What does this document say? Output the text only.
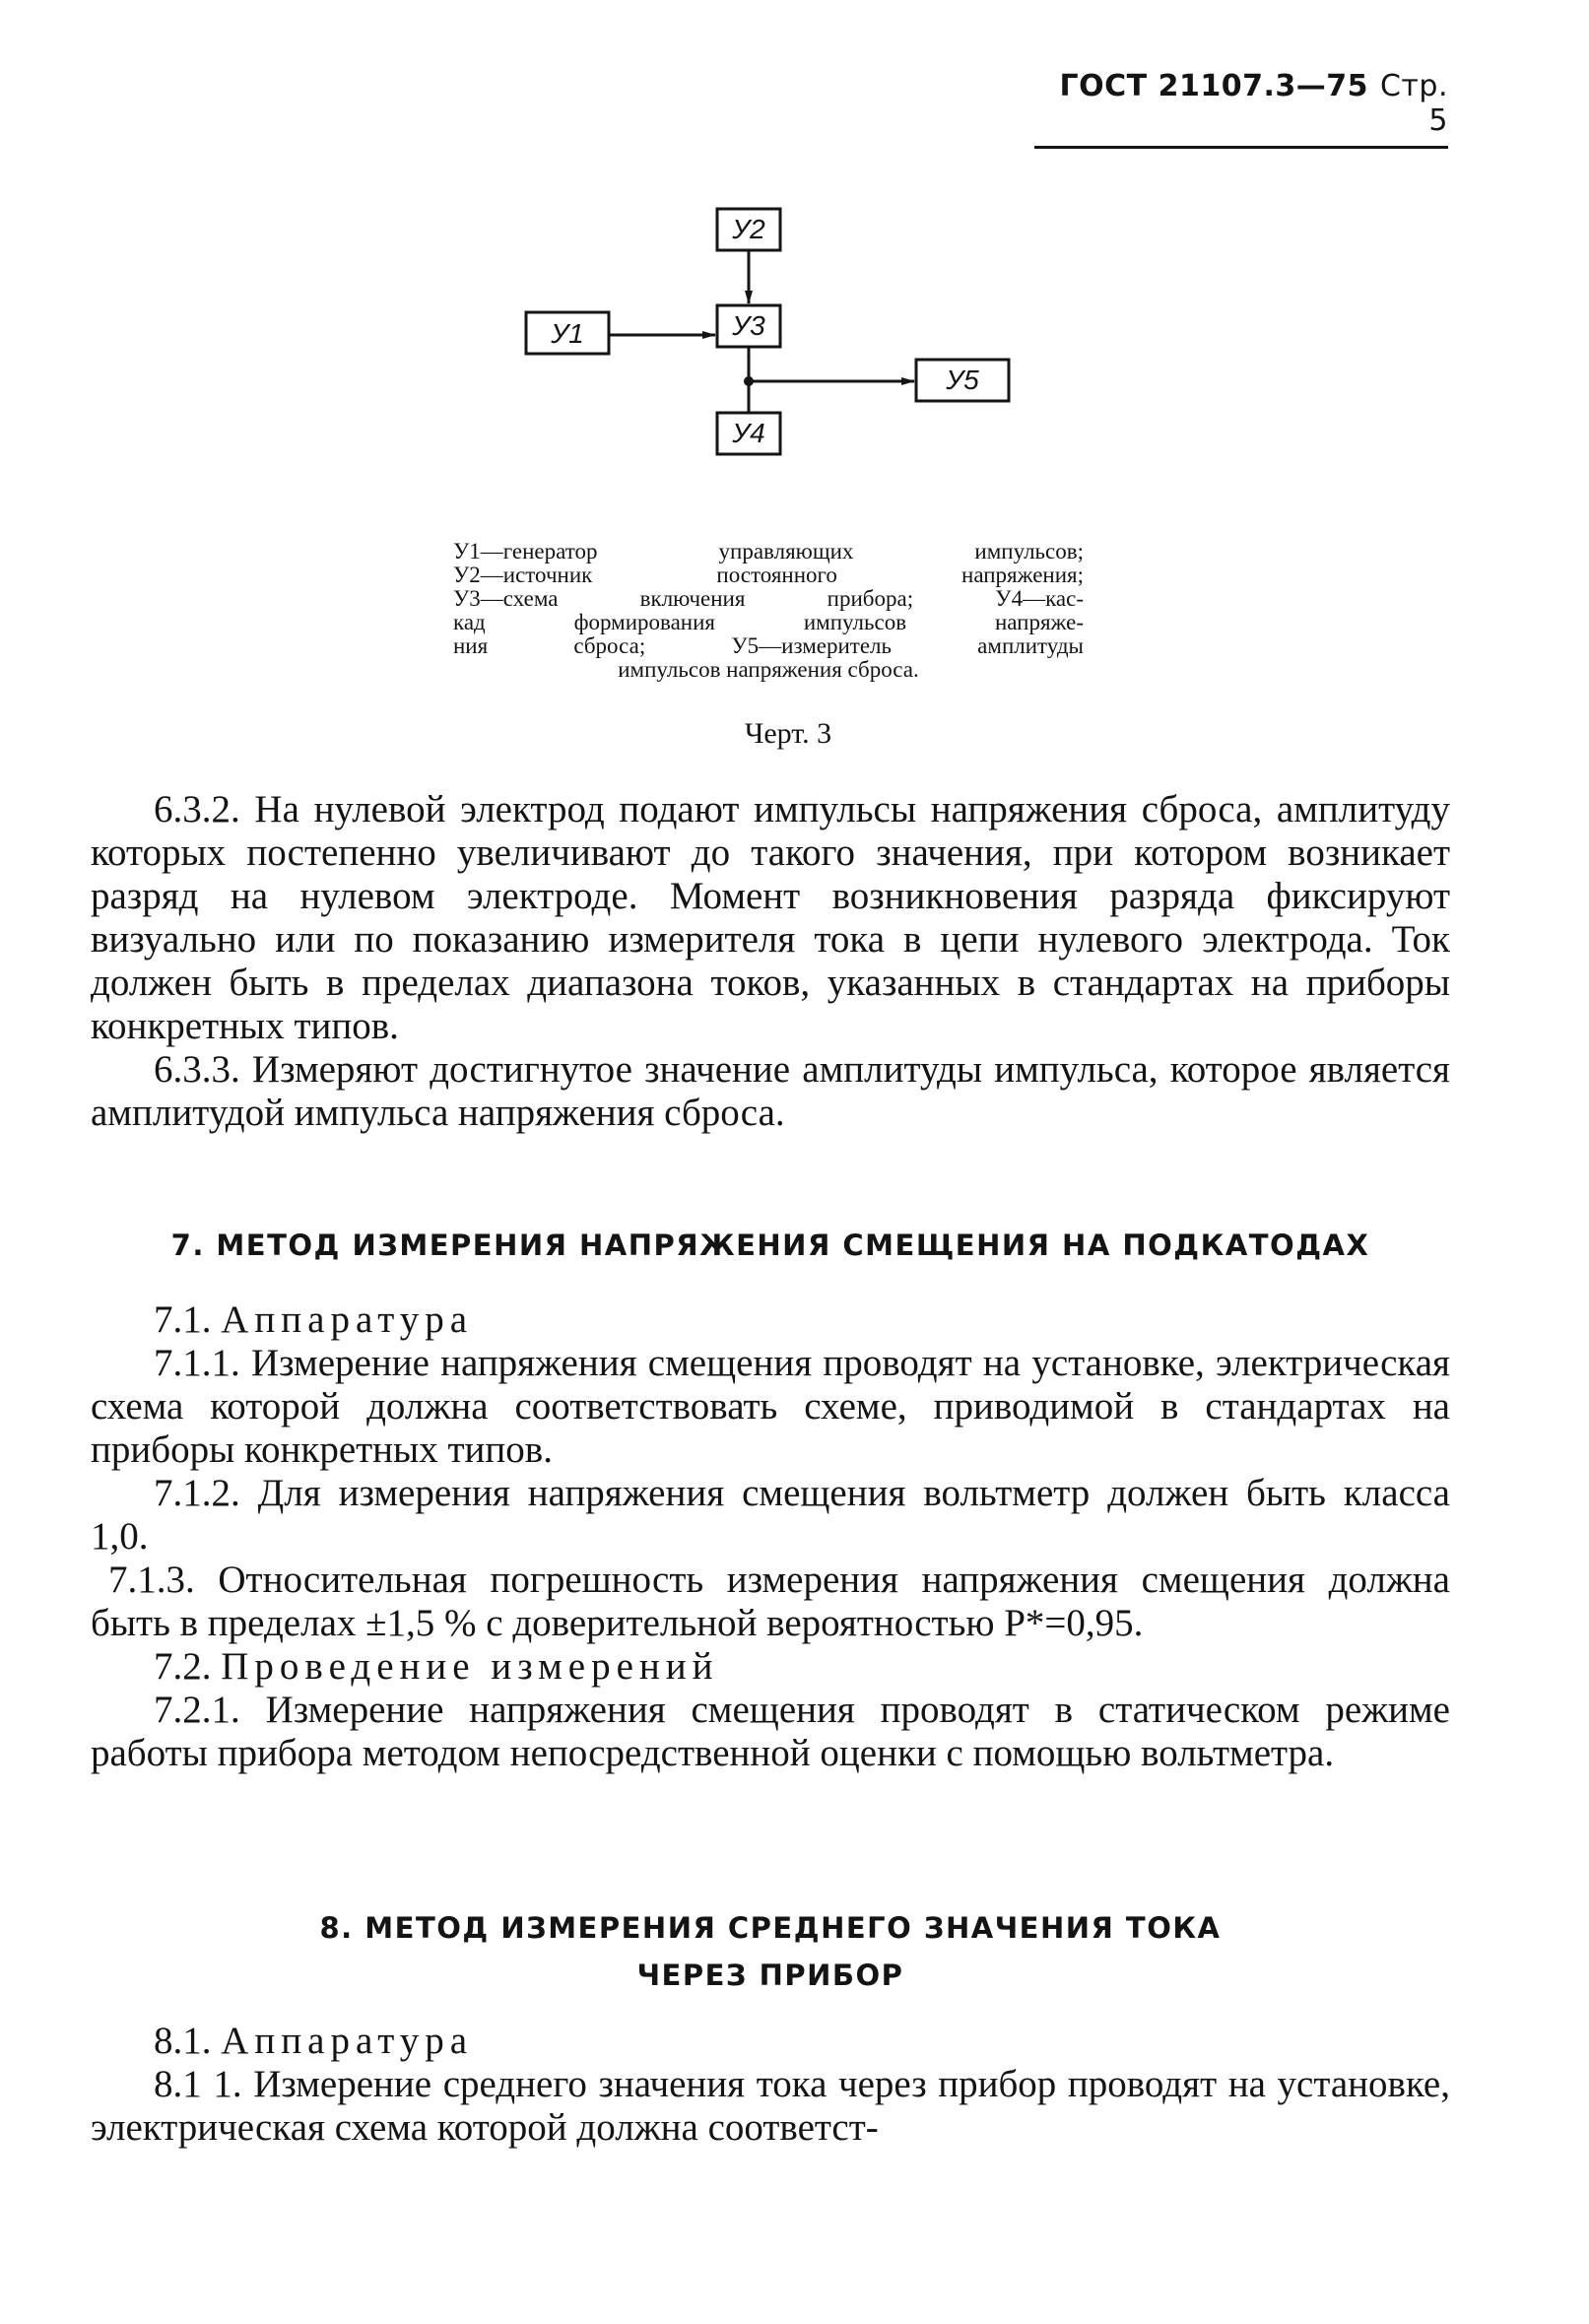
ГОСТ 21107.3—75 Стр. 5
У2
У1	У3
У4
У5

У1—генератор управляющих импульсов;

У2—источник постоянного напряжения;

У3—схема включения прибора; У4—кас-

кад формирования импульсов напряже-

ния сброса; У5—измеритель амплитуды

импульсов напряжения сброса.

Черт. 3

6.3.2. На нулевой электрод подают импульсы напряжения сброса, амплитуду которых постепенно увеличивают до такого значения, при котором возникает разряд на нулевом электроде. Момент возникновения разряда фиксируют визуально или по показанию измерителя тока в цепи нулевого электрода. Ток должен быть в пределах диапазона токов, указанных в стандартах на приборы конкретных типов.

6.3.3. Измеряют достигнутое значение амплитуды импульса, которое является амплитудой импульса напряжения сброса.

7. МЕТОД ИЗМЕРЕНИЯ НАПРЯЖЕНИЯ СМЕЩЕНИЯ НА ПОДКАТОДАХ

7.1. Аппаратура

7.1.1. Измерение напряжения смещения проводят на установке, электрическая схема которой должна соответствовать схеме, приводимой в стандартах на приборы конкретных типов.

7.1.2. Для измерения напряжения смещения вольтметр должен быть класса 1,0.

7.1.3. Относительная погрешность измерения напряжения смещения должна быть в пределах ±1,5 % с доверительной вероятностью P*=0,95.

7.2. Проведение измерений

7.2.1. Измерение напряжения смещения проводят в статическом режиме работы прибора методом непосредственной оценки с помощью вольтметра.

8. МЕТОД ИЗМЕРЕНИЯ СРЕДНЕГО ЗНАЧЕНИЯ ТОКА
ЧЕРЕЗ ПРИБОР

8.1. Аппаратура

8.1 1. Измерение среднего значения тока через прибор проводят на установке, электрическая схема которой должна соответст-
